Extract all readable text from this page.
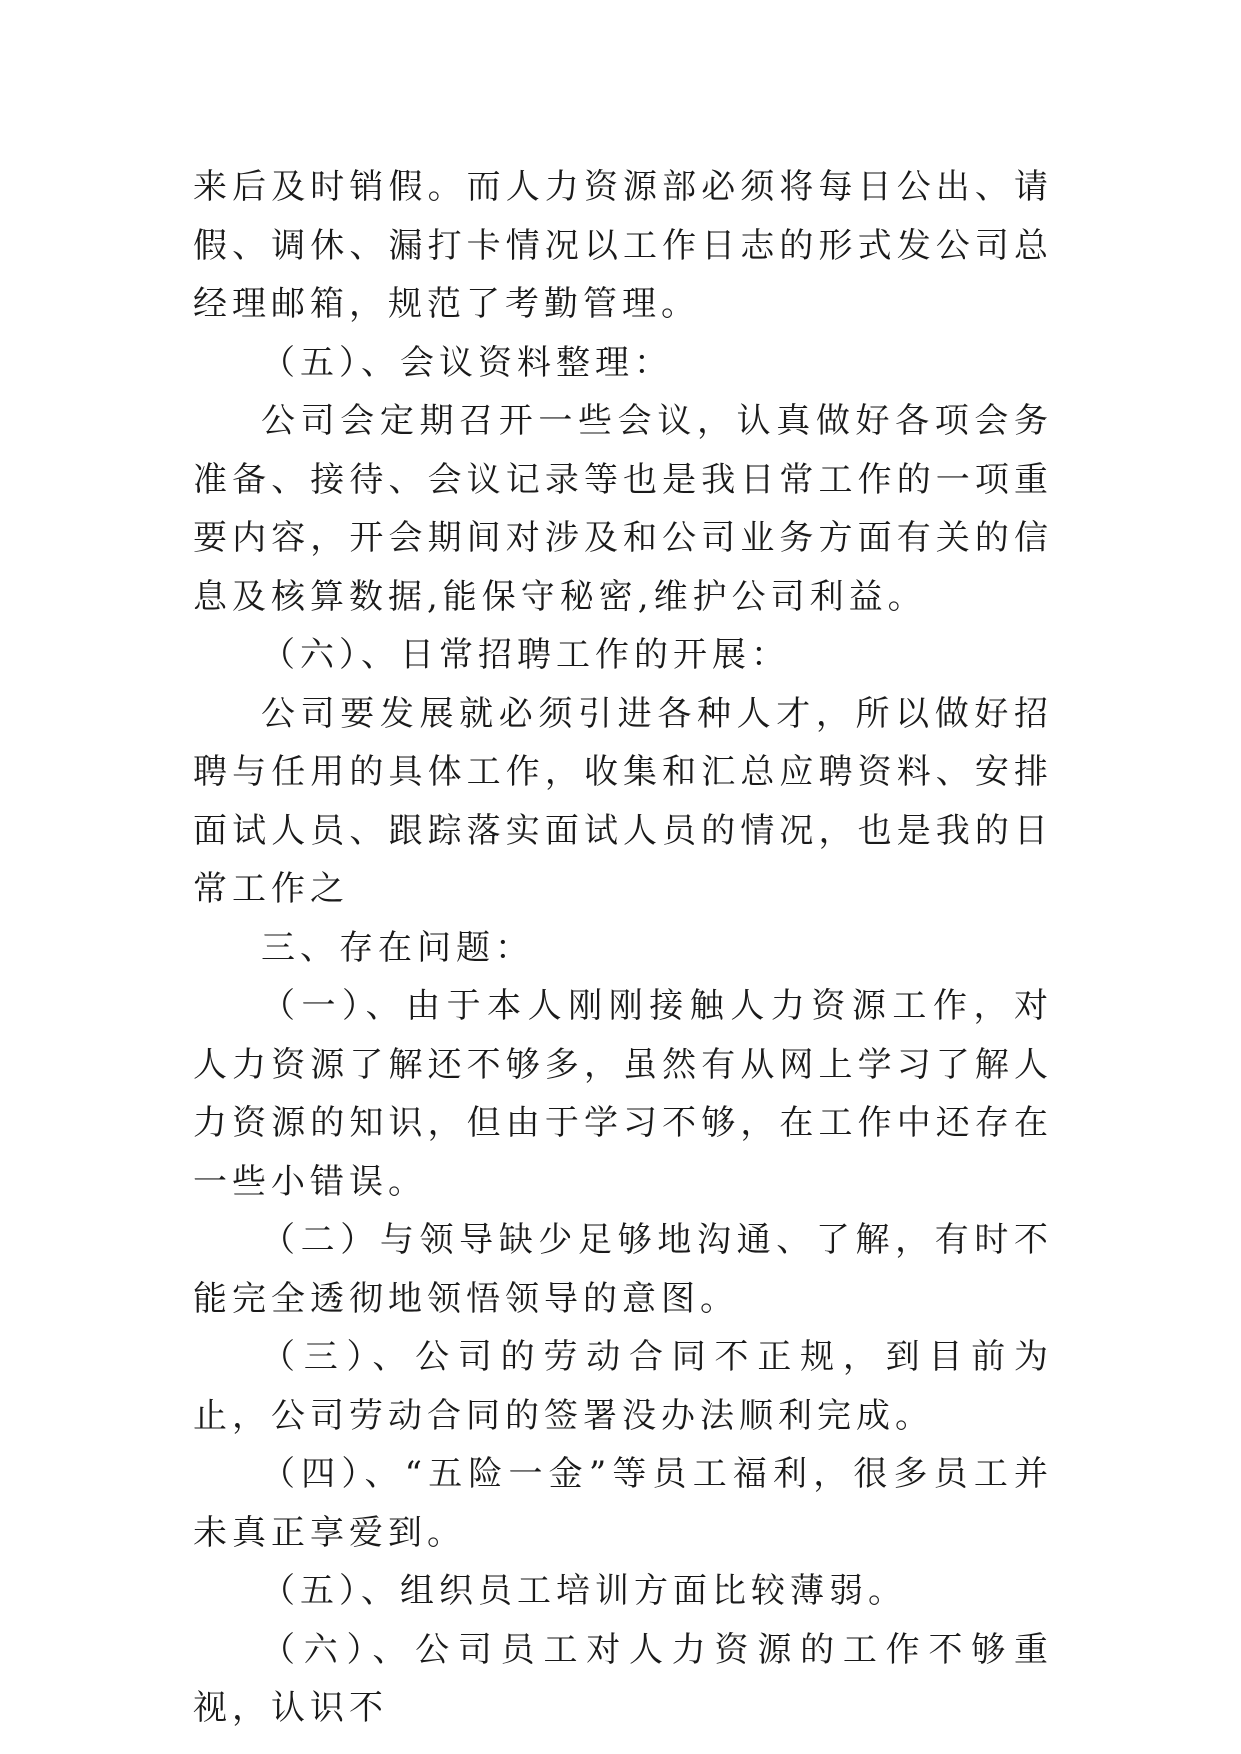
来后及时销假。而人力资源部必须将每日公出、请假、调休、漏打卡情况以工作日志的形式发公司总经理邮箱，规范了考勤管理。

（五）、会议资料整理：

公司会定期召开一些会议，认真做好各项会务准备、接待、会议记录等也是我日常工作的一项重要内容，开会期间对涉及和公司业务方面有关的信息及核算数据,能保守秘密,维护公司利益。

（六）、日常招聘工作的开展：

公司要发展就必须引进各种人才，所以做好招聘与任用的具体工作，收集和汇总应聘资料、安排面试人员、跟踪落实面试人员的情况，也是我的日常工作之

三、存在问题：

（一）、由于本人刚刚接触人力资源工作，对人力资源了解还不够多，虽然有从网上学习了解人力资源的知识，但由于学习不够，在工作中还存在一些小错误。

（二）与领导缺少足够地沟通、了解，有时不能完全透彻地领悟领导的意图。

（三）、公司的劳动合同不正规，到目前为止，公司劳动合同的签署没办法顺利完成。

（四）、“五险一金”等员工福利，很多员工并未真正享爱到。

（五）、组织员工培训方面比较薄弱。

（六）、公司员工对人力资源的工作不够重视，认识不
